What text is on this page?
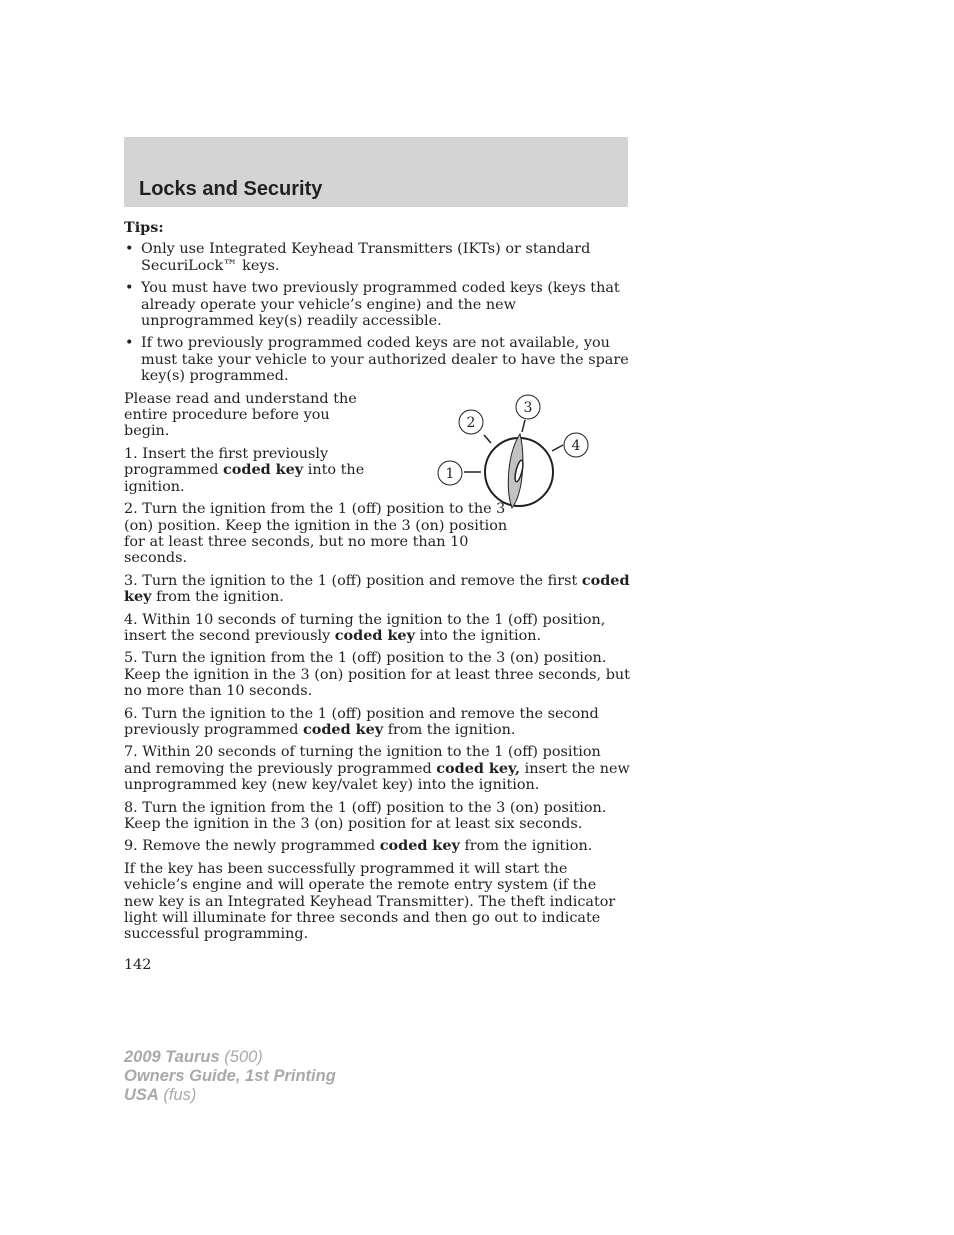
Locks and Security
1
2
3
4
Tips:
• Only use Integrated Keyhead Transmitters (IKTs) or standard SecuriLock™ keys.
• You must have two previously programmed coded keys (keys that already operate your vehicle’s engine) and the new unprogrammed key(s) readily accessible.
• If two previously programmed coded keys are not available, you must take your vehicle to your authorized dealer to have the spare key(s) programmed.

Please read and understand the entire procedure before you begin.

1. Insert the first previously programmed coded key into the ignition.

2. Turn the ignition from the 1 (off) position to the 3 (on) position. Keep the ignition in the 3 (on) position for at least three seconds, but no more than 10 seconds.

3. Turn the ignition to the 1 (off) position and remove the first coded key from the ignition.

4. Within 10 seconds of turning the ignition to the 1 (off) position, insert the second previously coded key into the ignition.

5. Turn the ignition from the 1 (off) position to the 3 (on) position. Keep the ignition in the 3 (on) position for at least three seconds, but no more than 10 seconds.

6. Turn the ignition to the 1 (off) position and remove the second previously programmed coded key from the ignition.

7. Within 20 seconds of turning the ignition to the 1 (off) position and removing the previously programmed coded key, insert the new unprogrammed key (new key/valet key) into the ignition.

8. Turn the ignition from the 1 (off) position to the 3 (on) position. Keep the ignition in the 3 (on) position for at least six seconds.

9. Remove the newly programmed coded key from the ignition.

If the key has been successfully programmed it will start the vehicle’s engine and will operate the remote entry system (if the new key is an Integrated Keyhead Transmitter). The theft indicator light will illuminate for three seconds and then go out to indicate successful programming.

142
2009 Taurus (500)
Owners Guide, 1st Printing
USA (fus)
